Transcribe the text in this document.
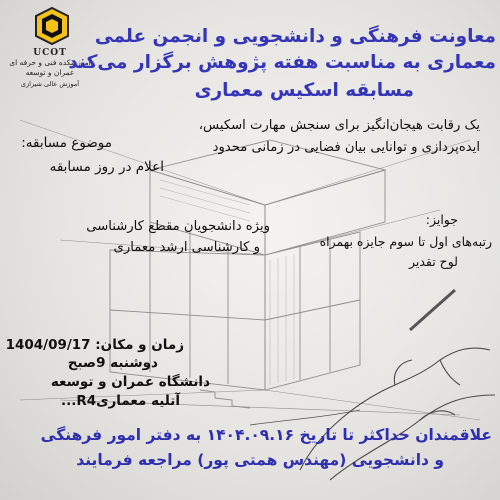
UCOT
آموزشکده فنی و حرفه ای
عمران و توسعه
آموزش عالی شیرازی
معاونت فرهنگی و دانشجویی و انجمن علمی
معماری به مناسبت هفته پژوهش برگزار می‌کند
مسابقه اسکیس معماری
یک رقابت هیجان‌انگیز برای سنجش مهارت اسکیس،
ایده‌پردازی و توانایی بیان فضایی در زمانی محدود
موضوع مسابقه:
اعلام در روز مسابقه
ویژه دانشجویان مقطع کارشناسی
و کارشناسی ارشد معماری
جوایز:
رتبه‌های اول تا سوم جایزه بهمراه
لوح تقدیر
زمان و مکان: 1404/09/17
دوشنبه 9صبح
دانشگاه عمران و توسعه
آتلیه معماریR4...
علاقمندان حداکثر تا تاریخ ۱۴۰۴.۰۹.۱۶ به دفتر امور فرهنگی
و دانشجویی (مهندس همتی پور) مراجعه فرمایند
